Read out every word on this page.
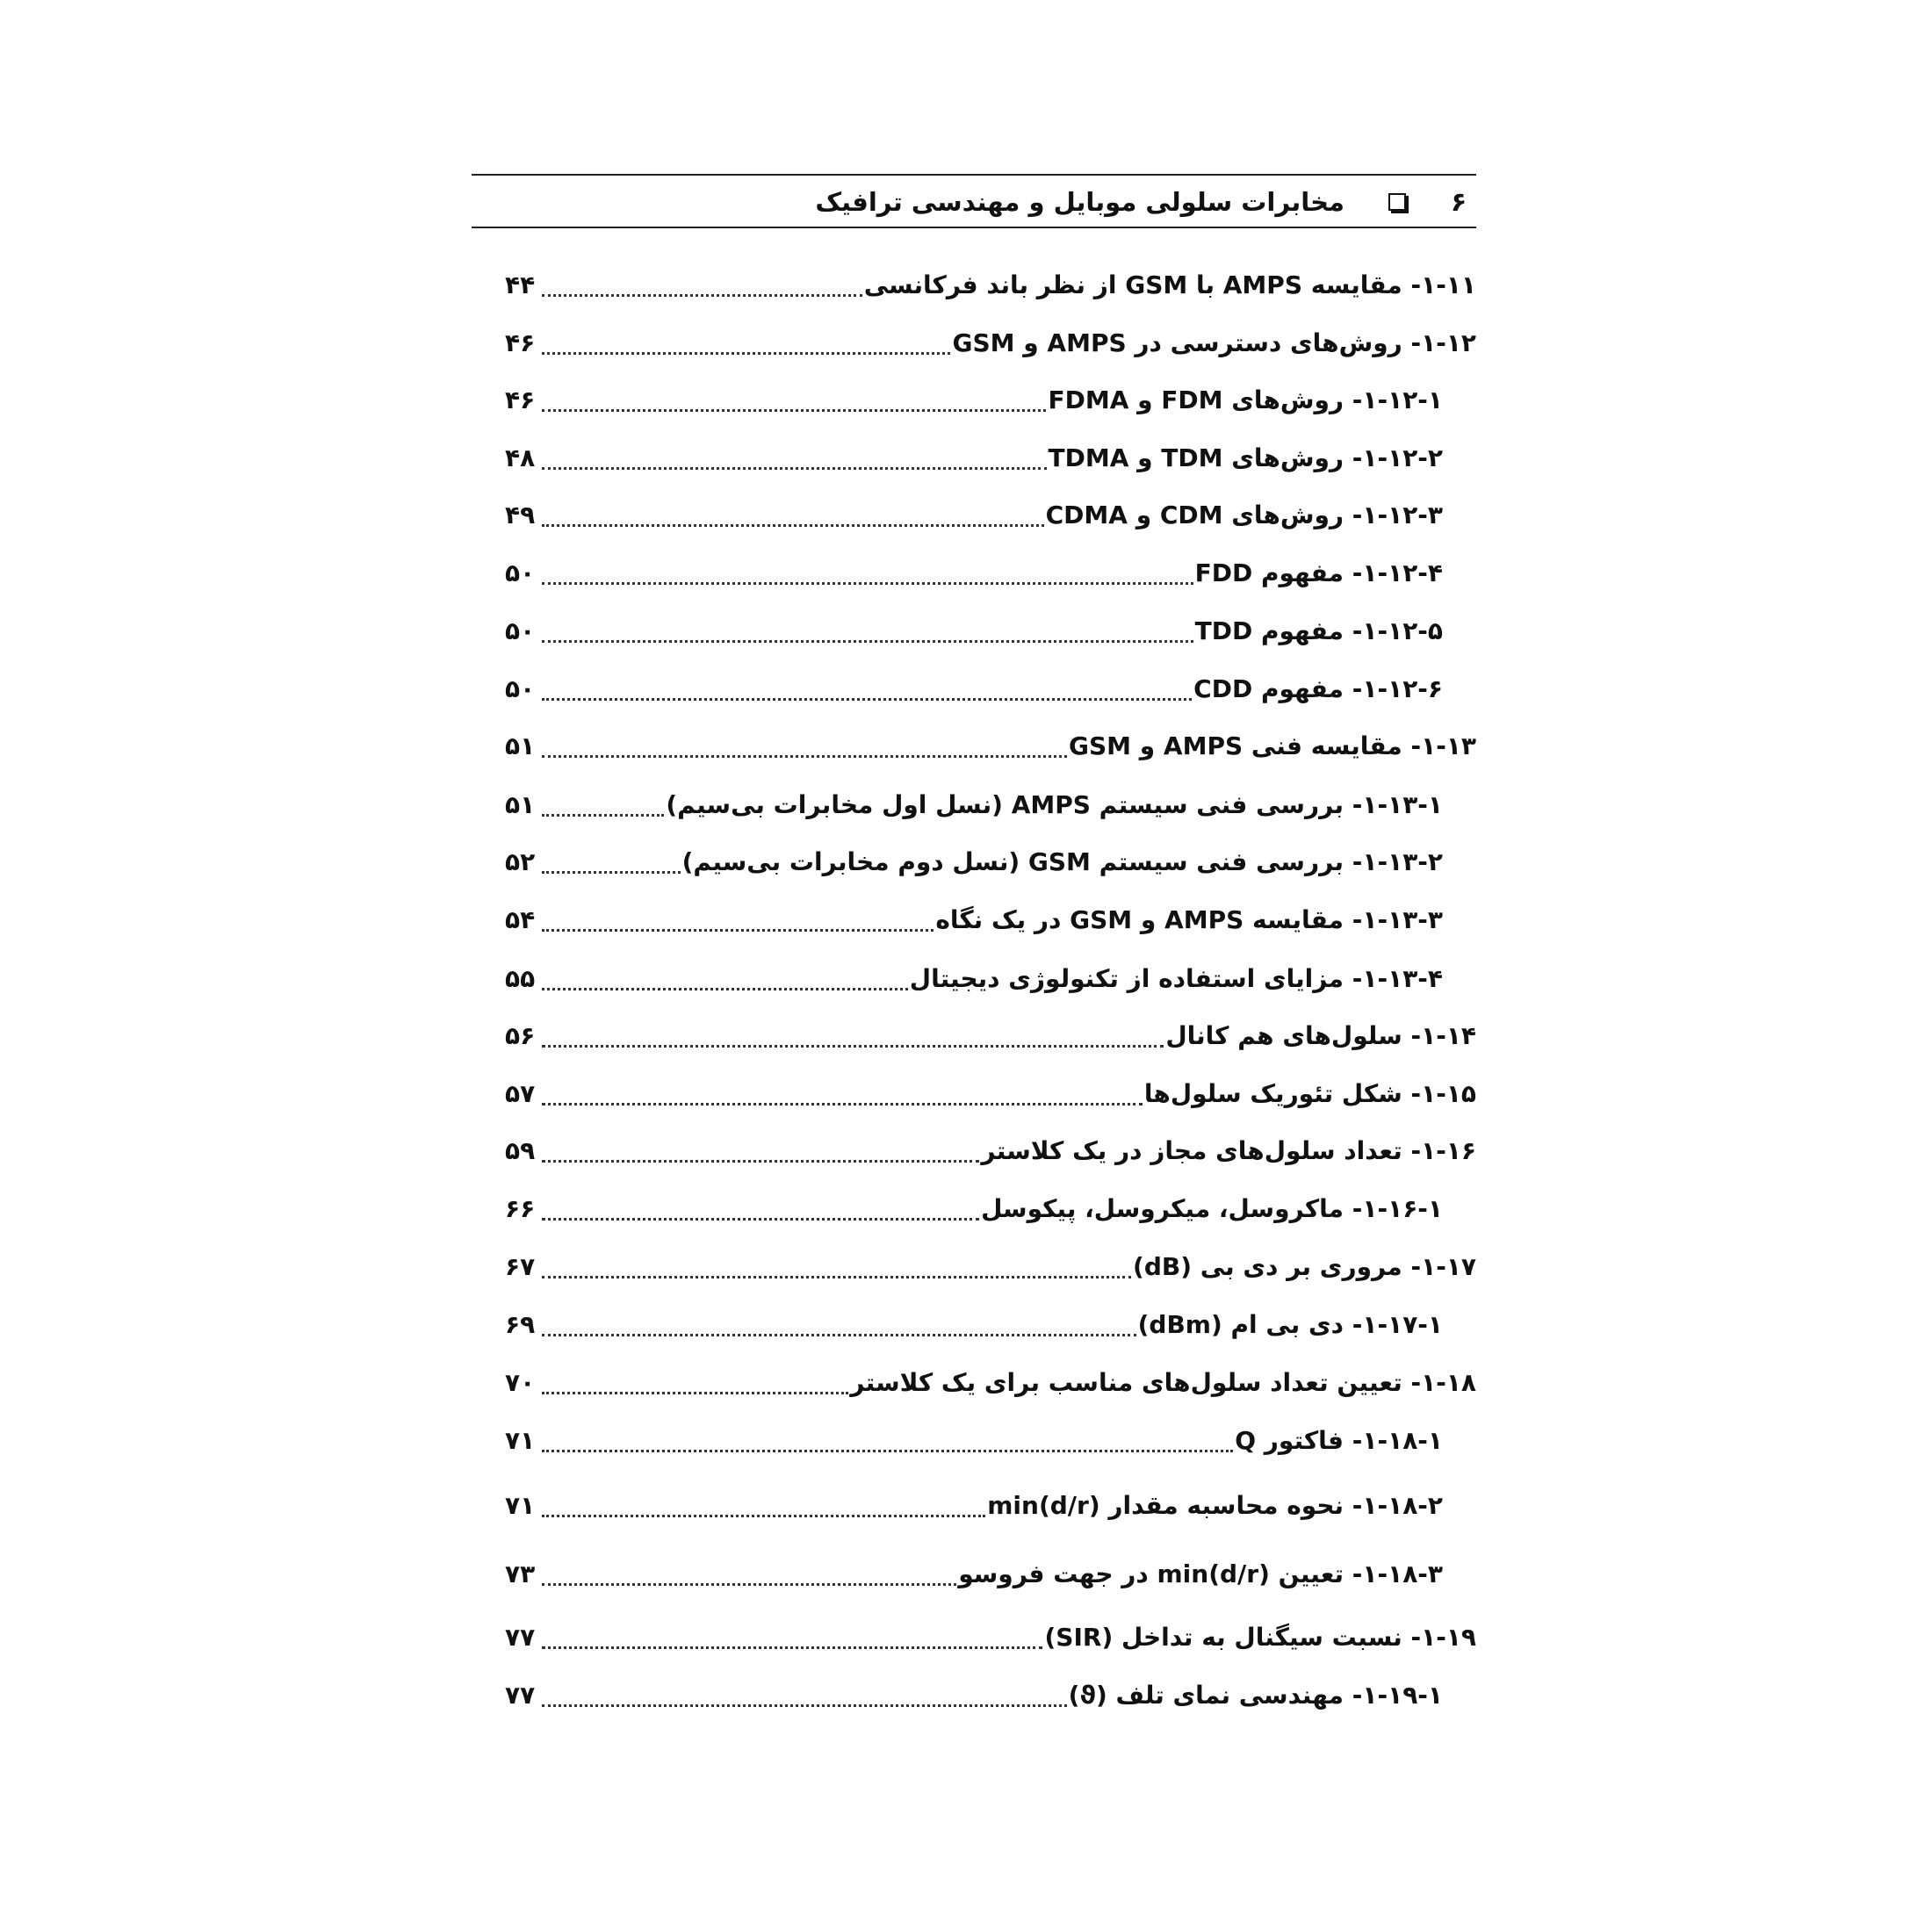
۶
مخابرات سلولی موبایل و مهندسی ترافیک
۱-۱۱- مقایسه AMPS با GSM از نظر باند فرکانسی
۴۴
۱-۱۲- روش‌های دسترسی در AMPS و GSM
۴۶
۱-۱۲-۱- روش‌های FDM و FDMA
۴۶
۱-۱۲-۲- روش‌های TDM و TDMA
۴۸
۱-۱۲-۳- روش‌های CDM و CDMA
۴۹
۱-۱۲-۴- مفهوم FDD
۵۰
۱-۱۲-۵- مفهوم TDD
۵۰
۱-۱۲-۶- مفهوم CDD
۵۰
۱-۱۳- مقایسه فنی AMPS و GSM
۵۱
۱-۱۳-۱- بررسی فنی سیستم AMPS (نسل اول مخابرات بی‌سیم)
۵۱
۱-۱۳-۲- بررسی فنی سیستم GSM (نسل دوم مخابرات بی‌سیم)
۵۲
۱-۱۳-۳- مقایسه AMPS و GSM در یک نگاه
۵۴
۱-۱۳-۴- مزایای استفاده از تکنولوژی دیجیتال
۵۵
۱-۱۴- سلول‌های هم کانال
۵۶
۱-۱۵- شکل تئوریک سلول‌ها
۵۷
۱-۱۶- تعداد سلول‌های مجاز در یک کلاستر
۵۹
۱-۱۶-۱- ماکروسل، میکروسل، پیکوسل
۶۶
۱-۱۷- مروری بر دی بی (dB)
۶۷
۱-۱۷-۱- دی بی ام (dBm)
۶۹
۱-۱۸- تعیین تعداد سلول‌های مناسب برای یک کلاستر
۷۰
۱-۱۸-۱- فاکتور Q
۷۱
۱-۱۸-۲- نحوه محاسبه مقدار (d/r)min
۷۱
۱-۱۸-۳- تعیین (d/r)min در جهت فروسو
۷۳
۱-۱۹- نسبت سیگنال به تداخل (SIR)
۷۷
۱-۱۹-۱- مهندسی نمای تلف (ϑ)
۷۷
